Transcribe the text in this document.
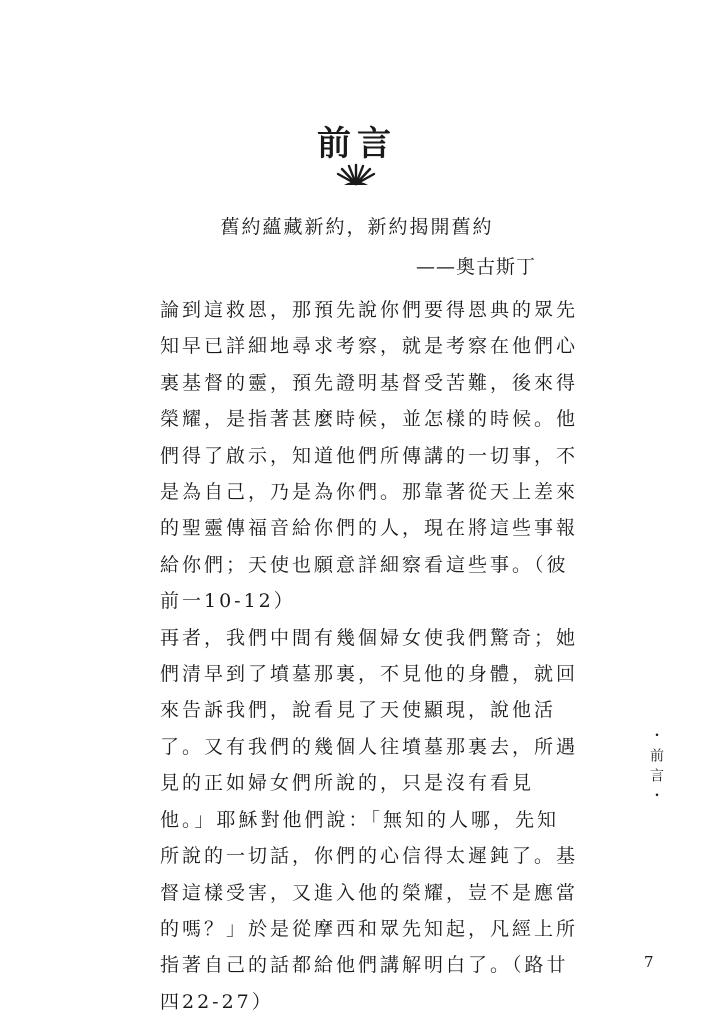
前言
舊約蘊藏新約，新約揭開舊約
——奧古斯丁

論到這救恩，那預先說你們要得恩典的眾先知早已詳細地尋求考察，就是考察在他們心裏基督的靈，預先證明基督受苦難，後來得榮耀，是指著甚麼時候，並怎樣的時候。他們得了啟示，知道他們所傳講的一切事，不是為自己，乃是為你們。那靠著從天上差來的聖靈傳福音給你們的人，現在將這些事報給你們；天使也願意詳細察看這些事。（彼前一10-12）

再者，我們中間有幾個婦女使我們驚奇；她們清早到了墳墓那裏，不見他的身體，就回來告訴我們，說看見了天使顯現，說他活了。又有我們的幾個人往墳墓那裏去，所遇見的正如婦女們所說的，只是沒有看見他。」耶穌對他們說：「無知的人哪，先知所說的一切話，你們的心信得太遲鈍了。基督這樣受害，又進入他的榮耀，豈不是應當的嗎？」於是從摩西和眾先知起，凡經上所指著自己的話都給他們講解明白了。（路廿四22-27）

・前言・
7
